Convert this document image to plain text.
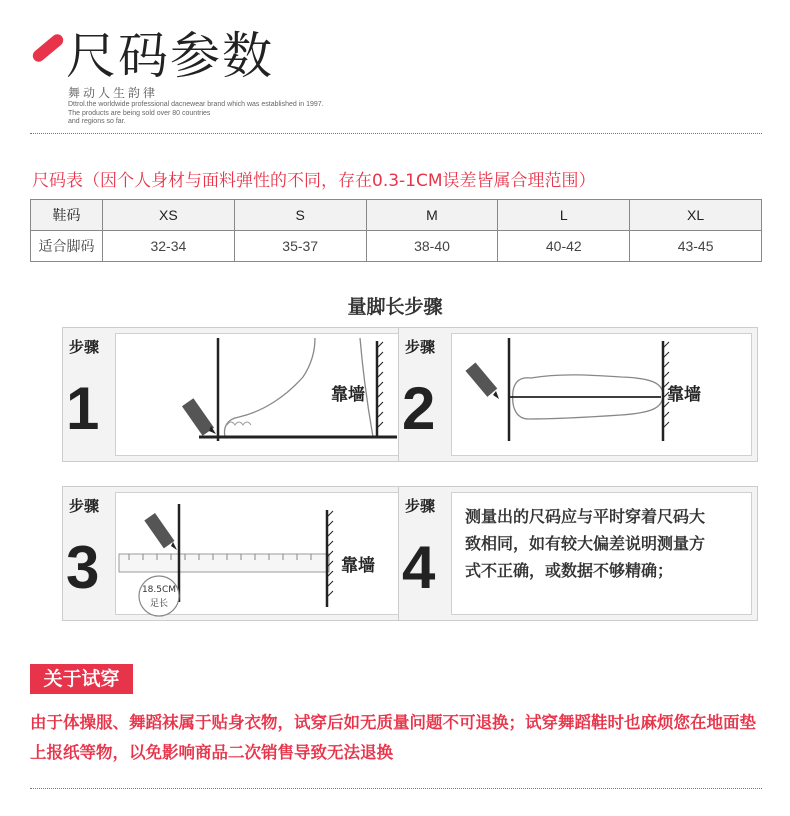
尺码参数
舞动人生韵律
Dttrol.the worldwide professional dacnewear brand which was established in 1997.
The products are being sold over 80 countries
and regions so far.
尺码表（因个人身材与面料弹性的不同，存在0.3-1CM误差皆属合理范围）
鞋码	XS	S	M	L	XL
适合脚码	32-34	35-37	38-40	40-42	43-45
量脚长步骤
步骤
1	靠墙
步骤
2	靠墙
步骤
3	18.5CM
足长
靠墙
步骤
4
测量出的尺码应与平时穿着尺码大致相同，如有较大偏差说明测量方式不正确，或数据不够精确；
关于试穿
由于体操服、舞蹈袜属于贴身衣物，试穿后如无质量问题不可退换；试穿舞蹈鞋时也麻烦您在地面垫上报纸等物，以免影响商品二次销售导致无法退换
